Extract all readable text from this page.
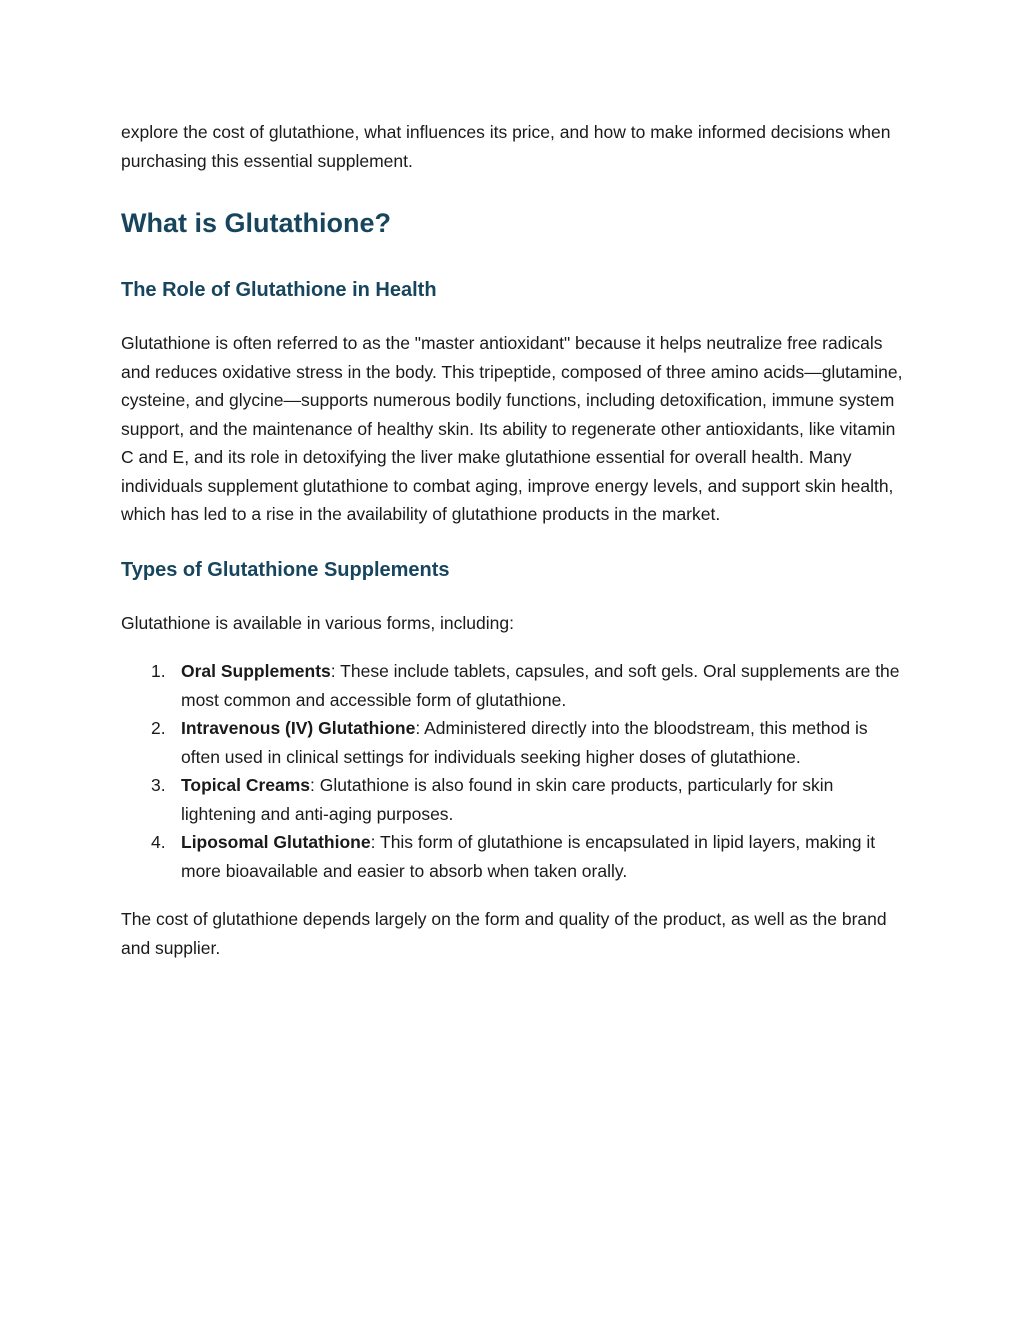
explore the cost of glutathione, what influences its price, and how to make informed decisions when purchasing this essential supplement.

What is Glutathione?
The Role of Glutathione in Health

Glutathione is often referred to as the "master antioxidant" because it helps neutralize free radicals and reduces oxidative stress in the body. This tripeptide, composed of three amino acids—glutamine, cysteine, and glycine—supports numerous bodily functions, including detoxification, immune system support, and the maintenance of healthy skin. Its ability to regenerate other antioxidants, like vitamin C and E, and its role in detoxifying the liver make glutathione essential for overall health. Many individuals supplement glutathione to combat aging, improve energy levels, and support skin health, which has led to a rise in the availability of glutathione products in the market.

Types of Glutathione Supplements

Glutathione is available in various forms, including:

1. Oral Supplements: These include tablets, capsules, and soft gels. Oral supplements are the most common and accessible form of glutathione.
2. Intravenous (IV) Glutathione: Administered directly into the bloodstream, this method is often used in clinical settings for individuals seeking higher doses of glutathione.
3. Topical Creams: Glutathione is also found in skin care products, particularly for skin lightening and anti-aging purposes.
4. Liposomal Glutathione: This form of glutathione is encapsulated in lipid layers, making it more bioavailable and easier to absorb when taken orally.

The cost of glutathione depends largely on the form and quality of the product, as well as the brand and supplier.
